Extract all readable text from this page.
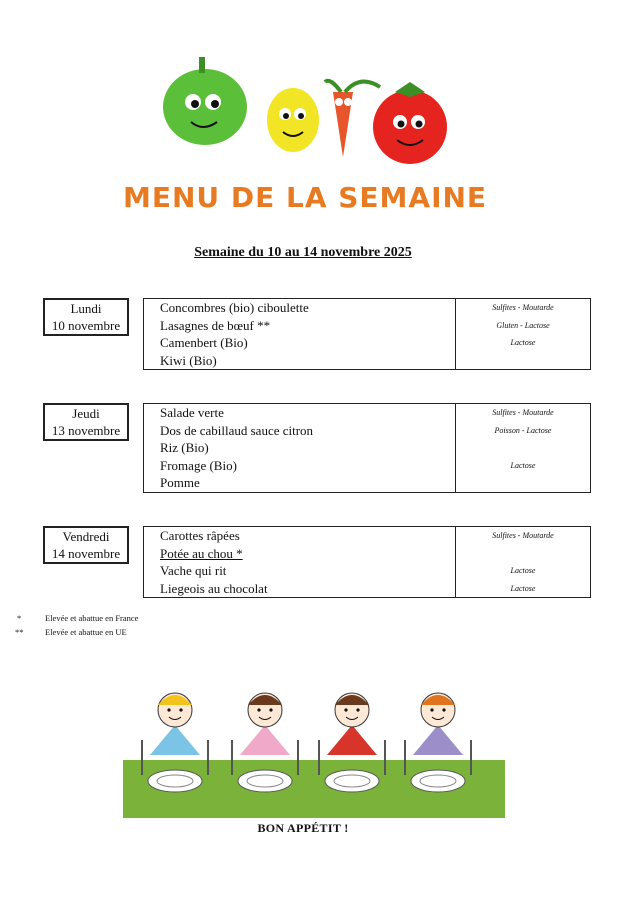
MENU DE LA SEMAINE
Semaine du 10 au 14 novembre 2025
Lundi
10 novembre
Concombres (bio) ciboulette
Lasagnes de bœuf **
Camenbert (Bio)
Kiwi (Bio)
Sulfites - Moutarde
Gluten - Lactose
Lactose
Jeudi
13 novembre
Salade verte
Dos de cabillaud sauce citron
Riz (Bio)
Fromage (Bio)
Pomme
Sulfites - Moutarde
Poisson - Lactose
Lactose
Vendredi
14 novembre
Carottes râpées
Potée au chou *
Vache qui rit
Liegeois au chocolat
Sulfites - Moutarde
Lactose
Lactose
*	Elevée et abattue en France
**	Elevée et abattue en UE
BON APPÉTIT !
